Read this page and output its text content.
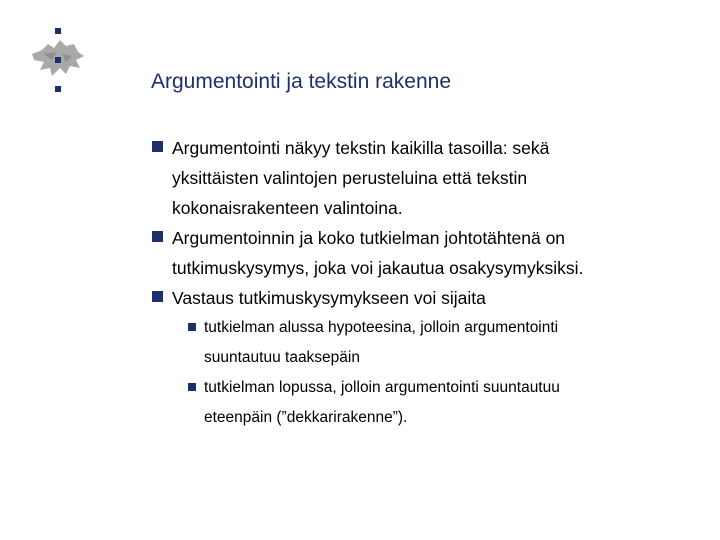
Argumentointi ja tekstin rakenne
Argumentointi näkyy tekstin kaikilla tasoilla: sekä
yksittäisten valintojen perusteluina että tekstin
kokonaisrakenteen valintoina.
Argumentoinnin ja koko tutkielman johtotähtenä on
tutkimuskysymys, joka voi jakautua osakysymyksiksi.
Vastaus tutkimuskysymykseen voi sijaita
tutkielman alussa hypoteesina, jolloin argumentointi
suuntautuu taaksepäin
tutkielman lopussa, jolloin argumentointi suuntautuu
eteenpäin (”dekkarirakenne”).
